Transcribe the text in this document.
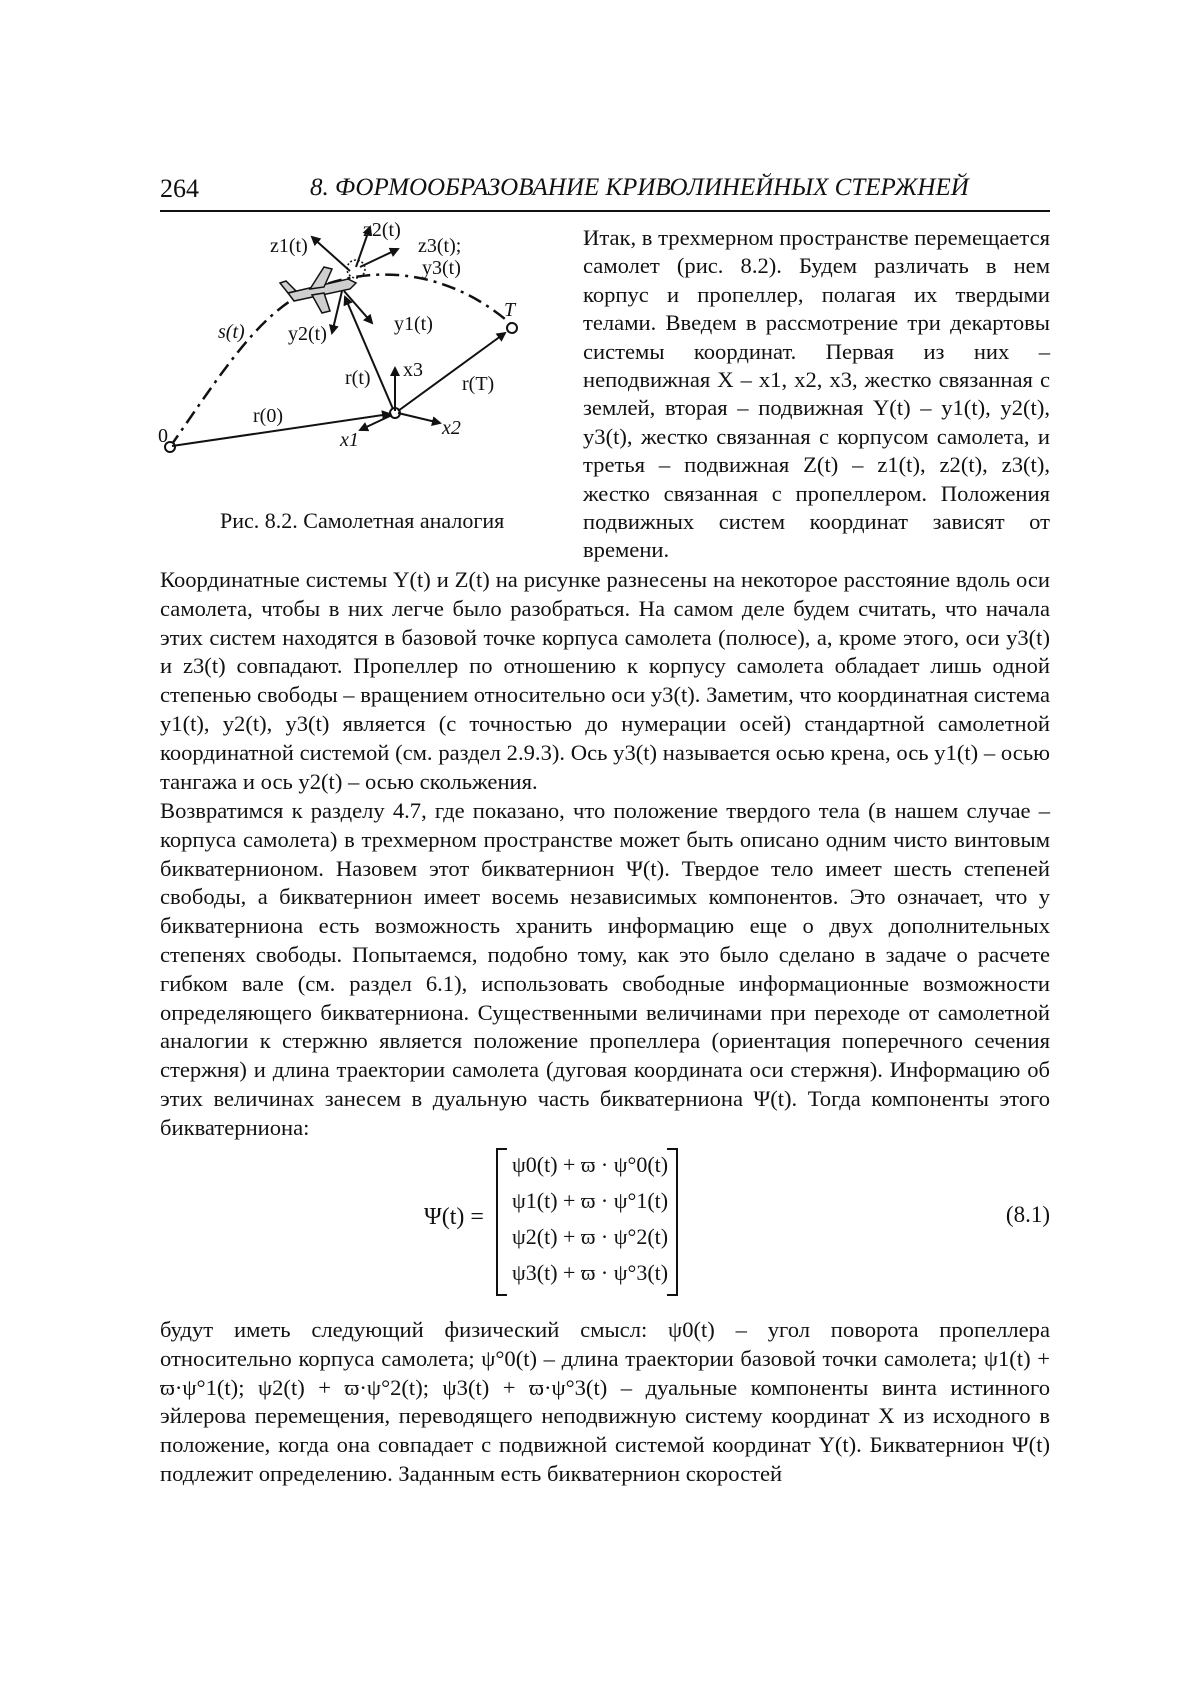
264	8. ФОРМООБРАЗОВАНИЕ КРИВОЛИНЕЙНЫХ СТЕРЖНЕЙ
z1(t)
z2(t)
z3(t);
y3(t)
s(t) y2(t)	y1(t)
T
x3
r(t)	r(T)
r(0)
0	x1
x2
Рис. 8.2. Самолетная аналогия
Итак, в трехмерном пространстве перемещается самолет (рис. 8.2). Будем различать в нем корпус и пропеллер, полагая их твердыми телами. Введем в рассмотрение три декартовы системы координат. Первая из них – неподвижная X – x1, x2, x3, жестко связанная с землей, вторая – подвижная Y(t) – y1(t), y2(t), y3(t), жестко связанная с корпусом самолета, и третья – подвижная Z(t) – z1(t), z2(t), z3(t), жестко связанная с пропеллером. Положения подвижных систем координат зависят от времени.

Координатные системы Y(t) и Z(t) на рисунке разнесены на некоторое расстояние вдоль оси самолета, чтобы в них легче было разобраться. На самом деле будем считать, что начала этих систем находятся в базовой точке корпуса самолета (полюсе), а, кроме этого, оси y3(t) и z3(t) совпадают. Пропеллер по отношению к корпусу самолета обладает лишь одной степенью свободы – вращением относительно оси y3(t). Заметим, что координатная система y1(t), y2(t), y3(t) является (с точностью до нумерации осей) стандартной самолетной координатной системой (см. раздел 2.9.3). Ось y3(t) называется осью крена, ось y1(t) – осью тангажа и ось y2(t) – осью скольжения.

Возвратимся к разделу 4.7, где показано, что положение твердого тела (в нашем случае – корпуса самолета) в трехмерном пространстве может быть описано одним чисто винтовым бикватернионом. Назовем этот бикватернион Ψ(t). Твердое тело имеет шесть степеней свободы, а бикватернион имеет восемь независимых компонентов. Это означает, что у бикватерниона есть возможность хранить информацию еще о двух дополнительных степенях свободы. Попытаемся, подобно тому, как это было сделано в задаче о расчете гибком вале (см. раздел 6.1), использовать свободные информационные возможности определяющего бикватерниона. Существенными величинами при переходе от самолетной аналогии к стержню является положение пропеллера (ориентация поперечного сечения стержня) и длина траектории самолета (дуговая координата оси стержня). Информацию об этих величинах занесем в дуальную часть бикватерниона Ψ(t). Тогда компоненты этого бикватерниона:

Ψ(t) =
ψ0(t) + ϖ · ψ°0(t)
ψ1(t) + ϖ · ψ°1(t)
ψ2(t) + ϖ · ψ°2(t)
ψ3(t) + ϖ · ψ°3(t)
(8.1)

будут иметь следующий физический смысл: ψ0(t) – угол поворота пропеллера относительно корпуса самолета; ψ°0(t) – длина траектории базовой точки самолета; ψ1(t) + ϖ·ψ°1(t); ψ2(t) + ϖ·ψ°2(t); ψ3(t) + ϖ·ψ°3(t) – дуальные компоненты винта истинного эйлерова перемещения, переводящего неподвижную систему координат X из исходного в положение, когда она совпадает с подвижной системой координат Y(t). Бикватернион Ψ(t) подлежит определению. Заданным есть бикватернион скоростей
